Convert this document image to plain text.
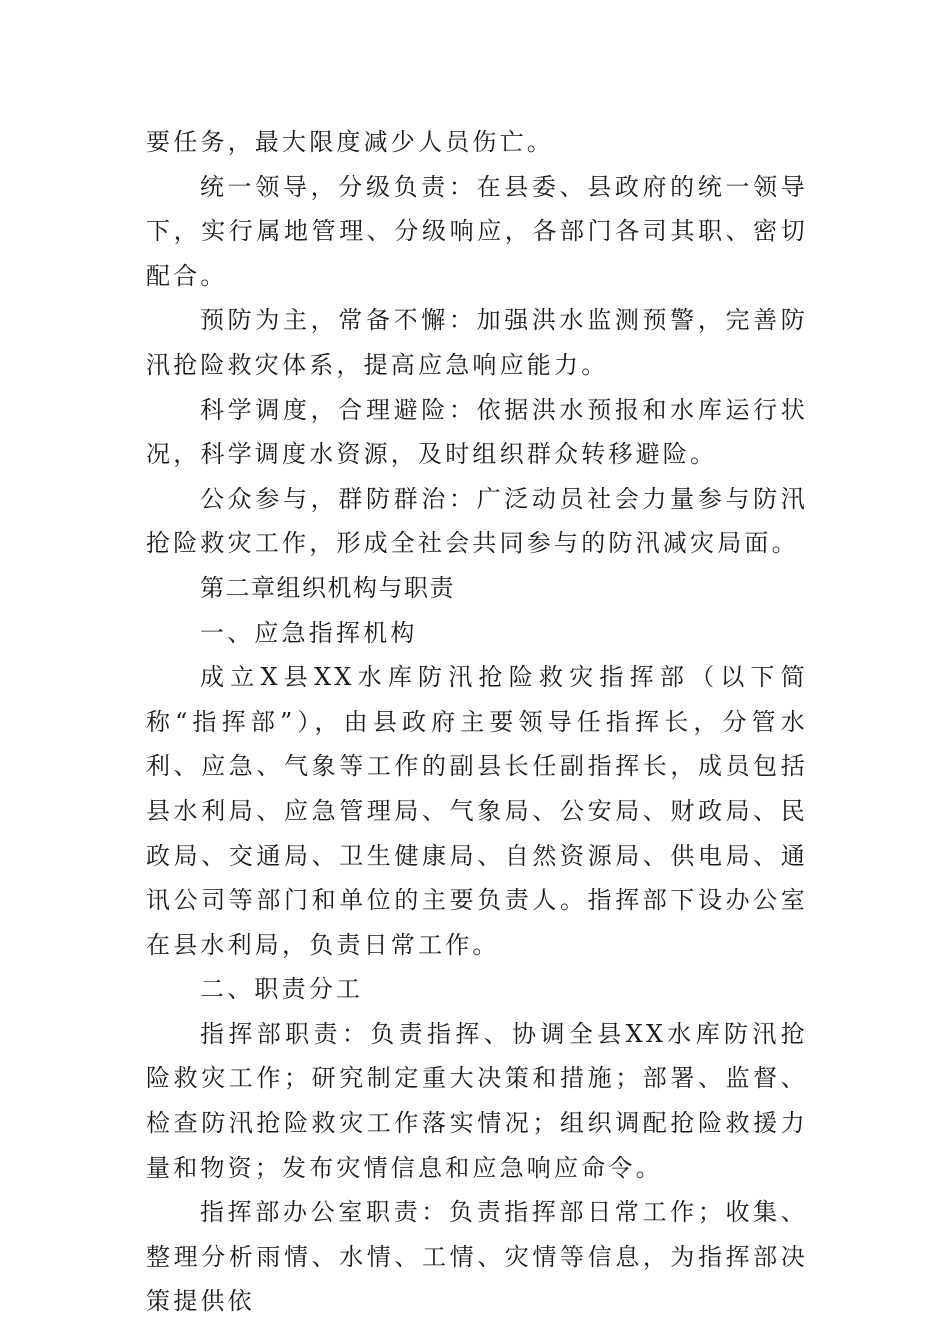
要任务，最大限度减少人员伤亡。

统一领导，分级负责：在县委、县政府的统一领导下，实行属地管理、分级响应，各部门各司其职、密切配合。

预防为主，常备不懈：加强洪水监测预警，完善防汛抢险救灾体系，提高应急响应能力。

科学调度，合理避险：依据洪水预报和水库运行状况，科学调度水资源，及时组织群众转移避险。

公众参与，群防群治：广泛动员社会力量参与防汛抢险救灾工作，形成全社会共同参与的防汛减灾局面。

第二章组织机构与职责

一、应急指挥机构

成立X县XX水库防汛抢险救灾指挥部（以下简称“指挥部”），由县政府主要领导任指挥长，分管水利、应急、气象等工作的副县长任副指挥长，成员包括县水利局、应急管理局、气象局、公安局、财政局、民政局、交通局、卫生健康局、自然资源局、供电局、通讯公司等部门和单位的主要负责人。指挥部下设办公室在县水利局，负责日常工作。

二、职责分工

指挥部职责：负责指挥、协调全县XX水库防汛抢险救灾工作；研究制定重大决策和措施；部署、监督、检查防汛抢险救灾工作落实情况；组织调配抢险救援力量和物资；发布灾情信息和应急响应命令。

指挥部办公室职责：负责指挥部日常工作；收集、整理分析雨情、水情、工情、灾情等信息，为指挥部决策提供依
